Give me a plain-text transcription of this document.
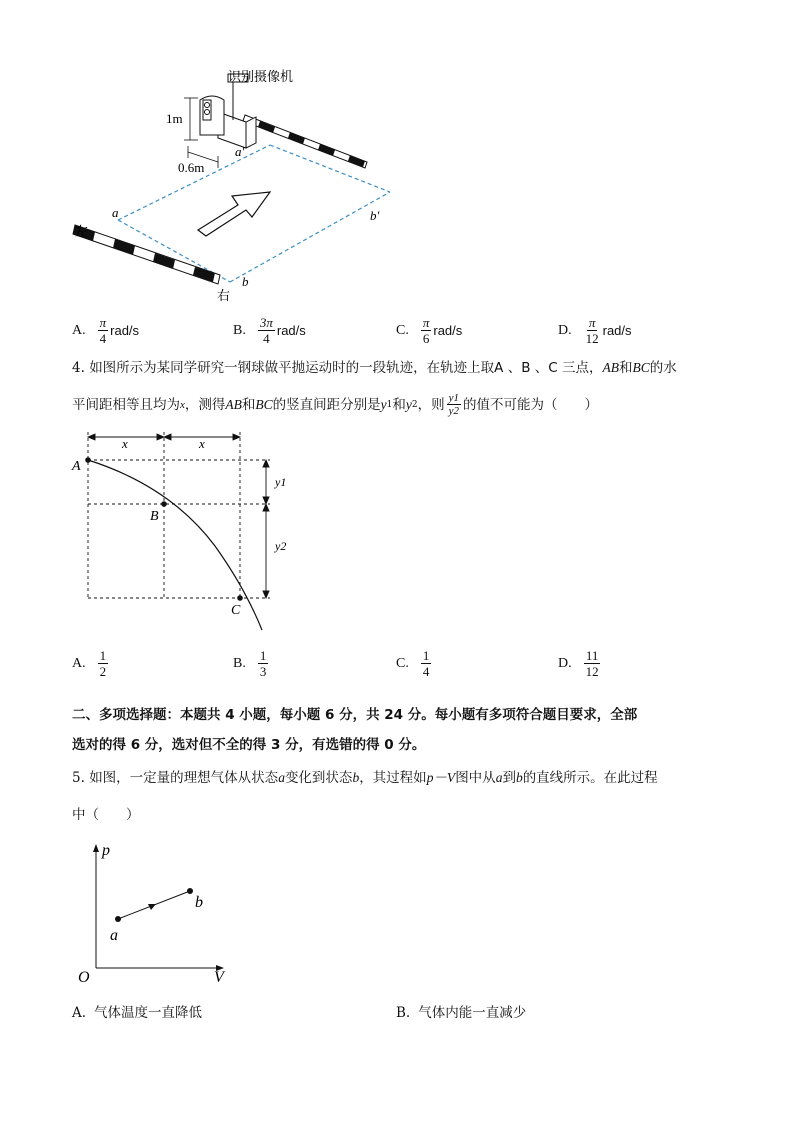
识别摄像机
1m
0.6m
左
右
a
a′
b
b′
A. $\frac{\pi}{4} rad/s$	B. $\frac{3\pi}{4} rad/s$	C. $\frac{\pi}{6} rad/s$	D. $\frac{\pi}{12} rad/s$
4. 如图所示为某同学研究一钢球做平抛运动时的一段轨迹，在轨迹上取A 、B 、C 三点，AB和BC的水
平间距相等且均为 x ，测得 AB 和 BC 的竖直间距分别是 y 1 和 y 2 ，则 $\frac{y1}{y2}$ 的值不可能为（　　）
x	x
y1
y2
A
B
C
A. $\frac{1}{2}$	B. $\frac{1}{3}$	C. $\frac{1}{4}$	D. $\frac{11}{12}$
二、多项选择题：本题共 4 小题，每小题 6 分，共 24 分。每小题有多项符合题目要求，全部
选对的得 6 分，选对但不全的得 3 分，有选错的得 0 分。
5. 如图，一定量的理想气体从状态a变化到状态b，其过程如p－V图中从a到b的直线所示。在此过程
中（　　）
p
V
O
a
b
A. 气体温度一直降低	B. 气体内能一直减少
